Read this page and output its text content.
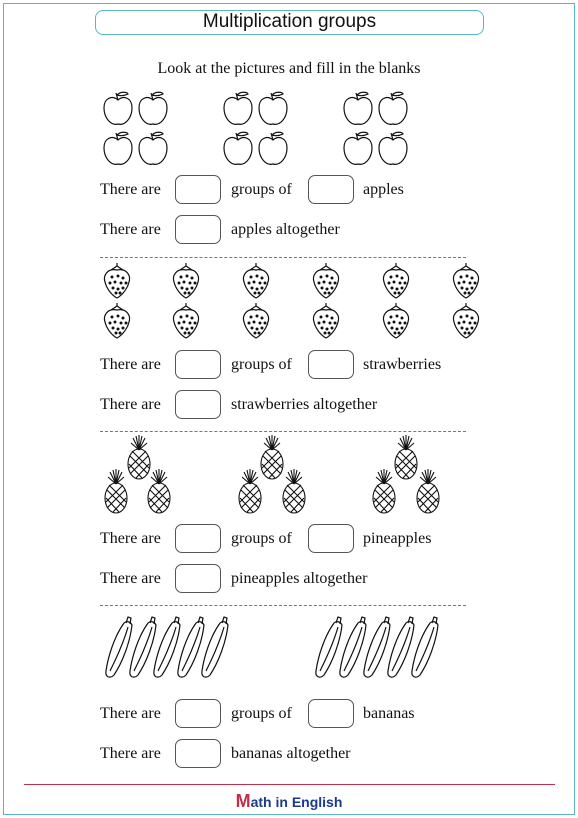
Multiplication groups
Look at the pictures and fill in the blanks
There are	groups of	apples
There are	apples altogether
There are	groups of	strawberries
There are	strawberries altogether
There are	groups of	pineapples
There are	pineapples altogether
There are	groups of	bananas
There are	bananas altogether
Math in English
